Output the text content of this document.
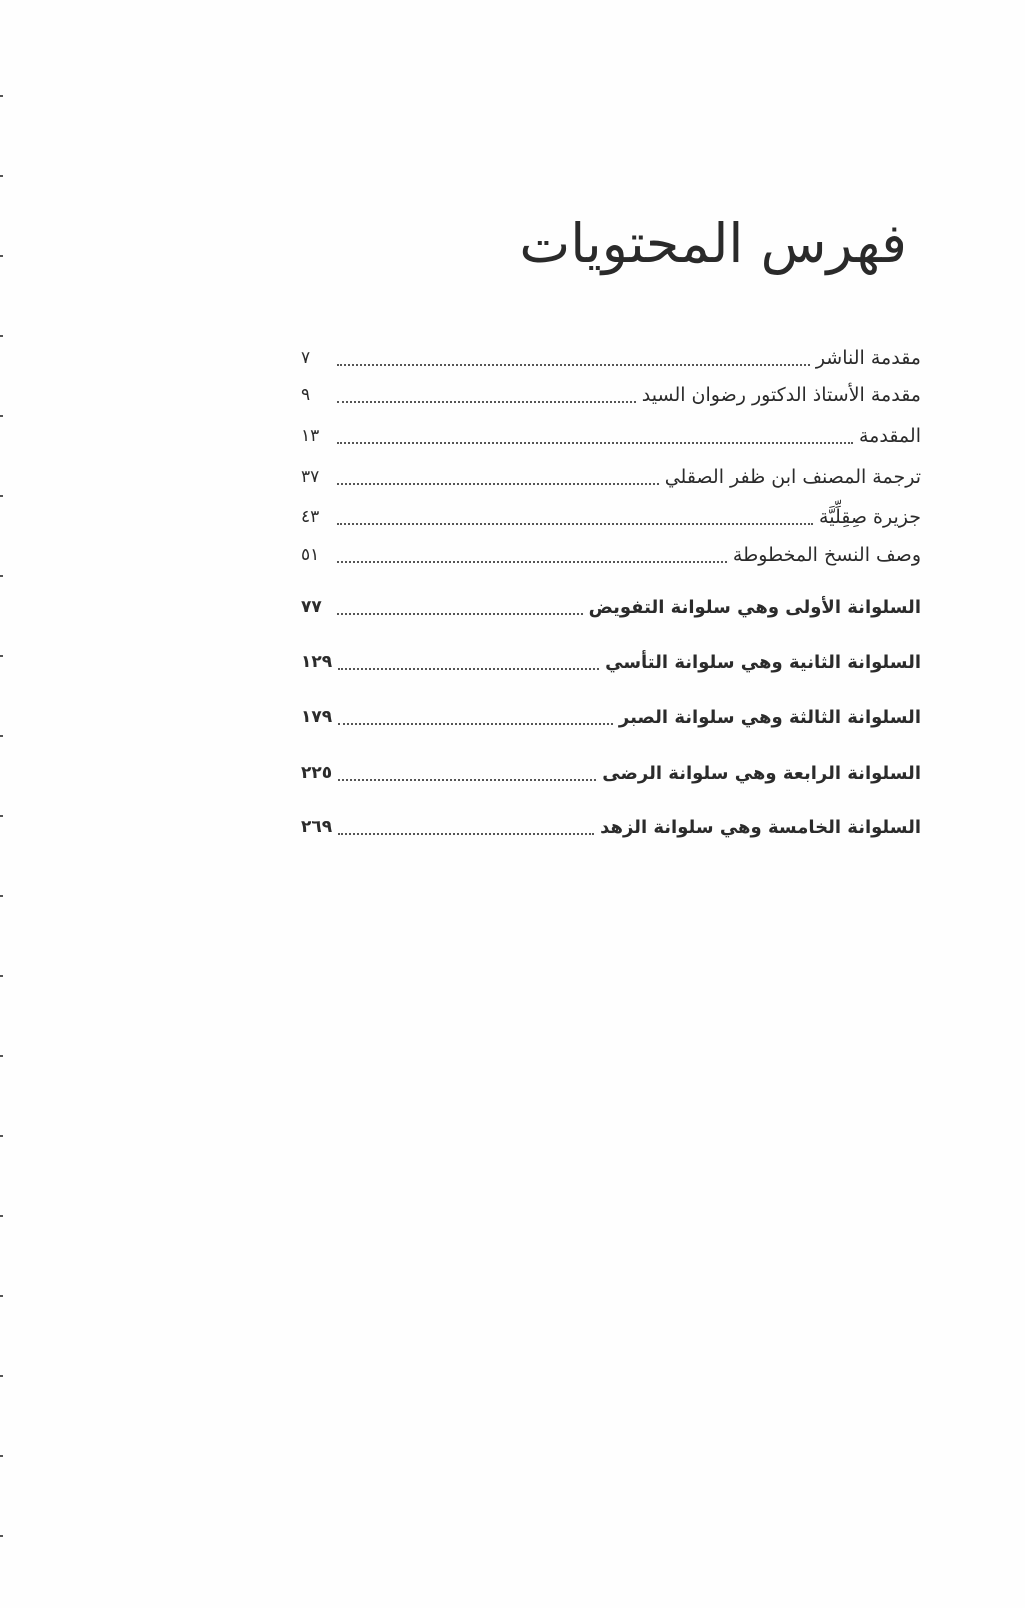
فهرس المحتويات
مقدمة الناشر
٧
مقدمة الأستاذ الدكتور رضوان السيد
٩
المقدمة
١٣
ترجمة المصنف ابن ظفر الصقلي
٣٧
جزيرة صِقِلِّيَّة
٤٣
وصف النسخ المخطوطة
٥١
السلوانة الأولى وهي سلوانة التفويض
٧٧
السلوانة الثانية وهي سلوانة التأسي
١٢٩
السلوانة الثالثة وهي سلوانة الصبر
١٧٩
السلوانة الرابعة وهي سلوانة الرضى
٢٢٥
السلوانة الخامسة وهي سلوانة الزهد
٢٦٩
